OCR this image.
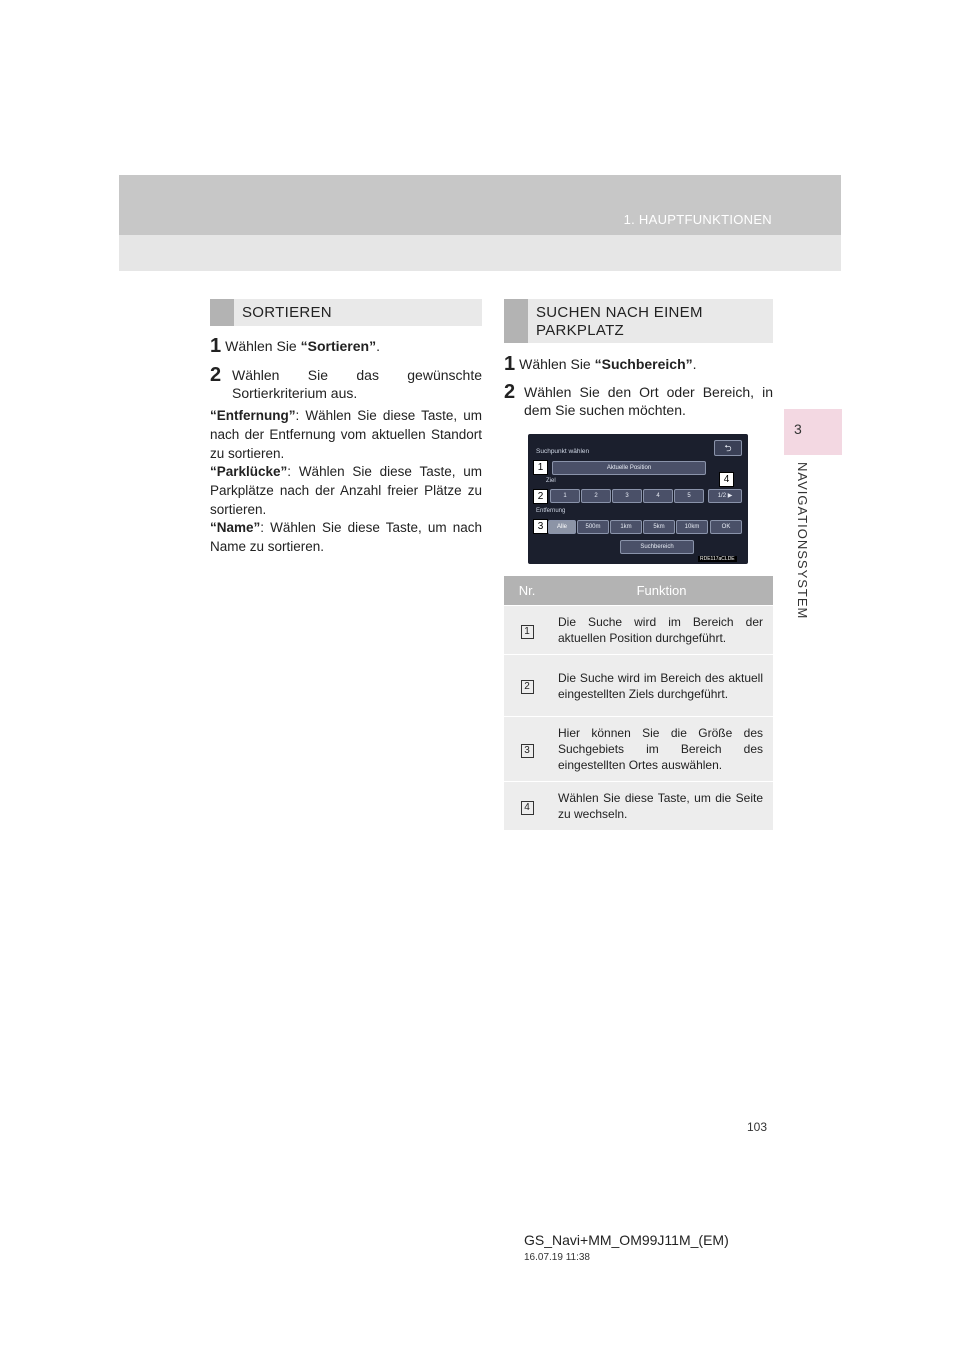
1. HAUPTFUNKTIONEN
3
NAVIGATIONSSYSTEM
SORTIEREN
1 Wählen Sie “Sortieren”.
2 Wählen Sie das gewünschte Sortierkriterium aus.
“Entfernung”: Wählen Sie diese Taste, um nach der Entfernung vom aktuellen Standort zu sortieren.
“Parklücke”: Wählen Sie diese Taste, um Parkplätze nach der Anzahl freier Plätze zu sortieren.
“Name”: Wählen Sie diese Taste, um nach Name zu sortieren.
SUCHEN NACH EINEM
PARKPLATZ
1 Wählen Sie “Suchbereich”.
2 Wählen Sie den Ort oder Bereich, in dem Sie suchen möchten.
Suchpunkt wählen	⮌
Aktuelle Position
Ziel
1	2	3	4	5	1/2 ▶
Entfernung
Alle	500m	1km	5km	10km	OK
Suchbereich
1
2
3
4
RDE117aCLDE
Nr.	Funktion
1	Die Suche wird im Bereich der aktuellen Position durchgeführt.
2	Die Suche wird im Bereich des aktuell eingestellten Ziels durchgeführt.
3	Hier können Sie die Größe des Suchgebiets im Bereich des eingestellten Ortes auswählen.
4	Wählen Sie diese Taste, um die Seite zu wechseln.
103
GS_Navi+MM_OM99J11M_(EM)
16.07.19 11:38
